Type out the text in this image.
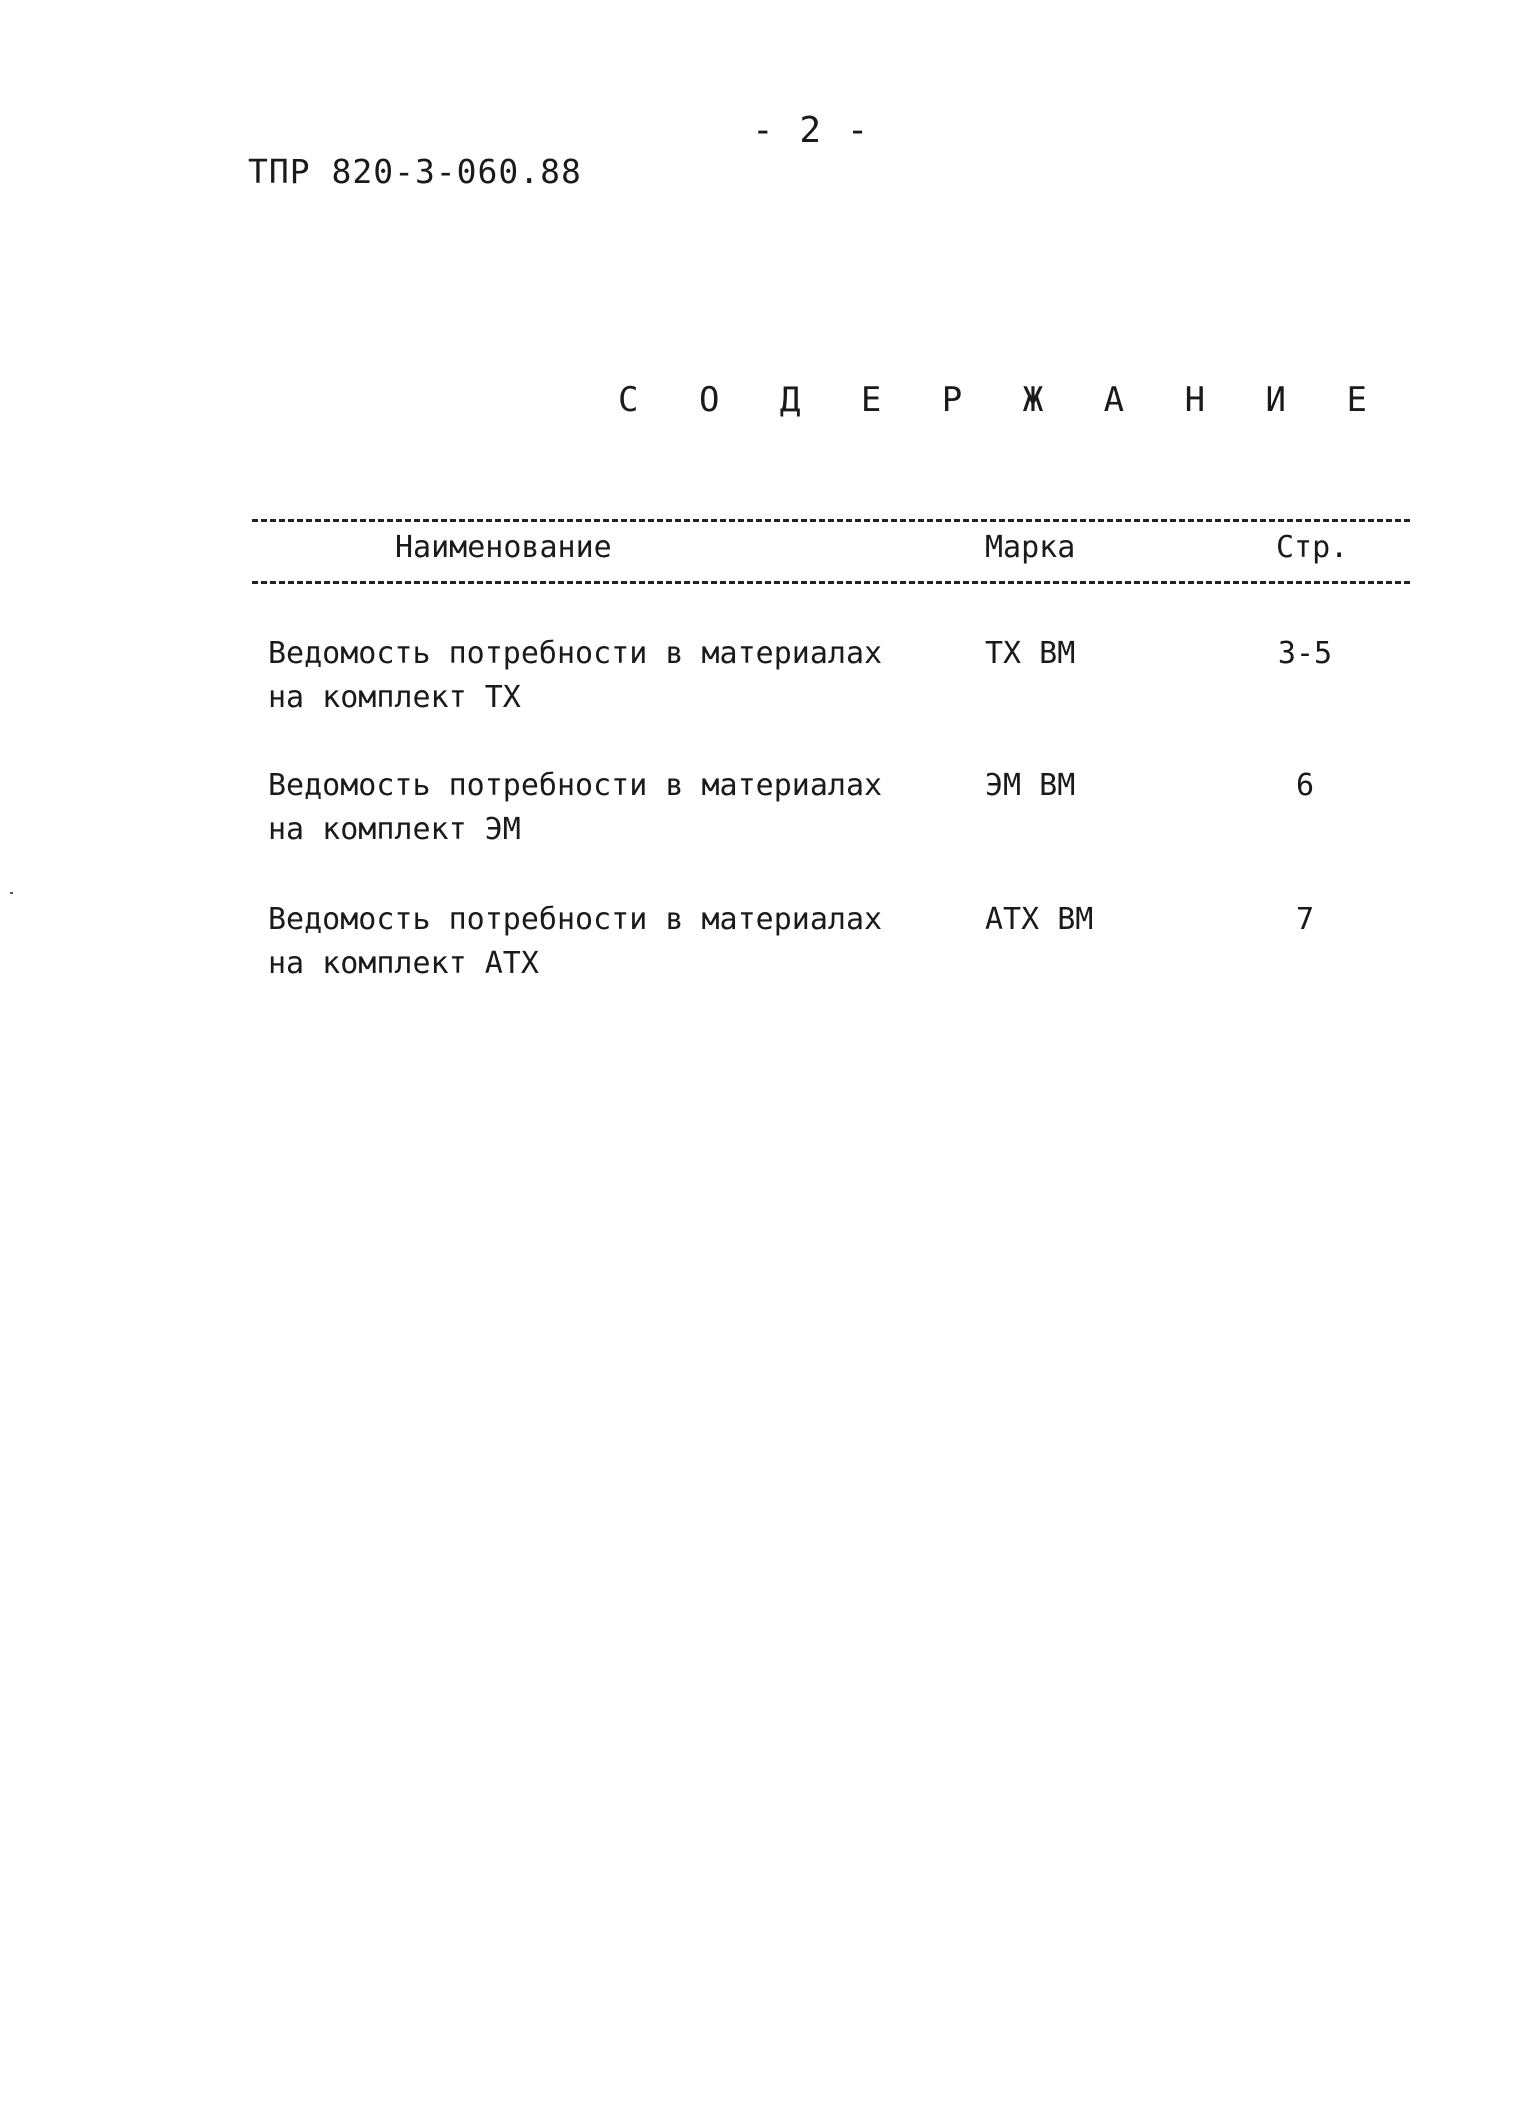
- 2 -
ТПР 820-3-060.88
С О Д Е Р Ж А Н И Е
Наименование	Марка	Стр.
Ведомость потребности в материалах
на комплект ТХ
ТХ ВМ	3-5
Ведомость потребности в материалах
на комплект ЭМ
ЭМ ВМ	6
Ведомость потребности в материалах
на комплект АТХ
АТХ ВМ	7
